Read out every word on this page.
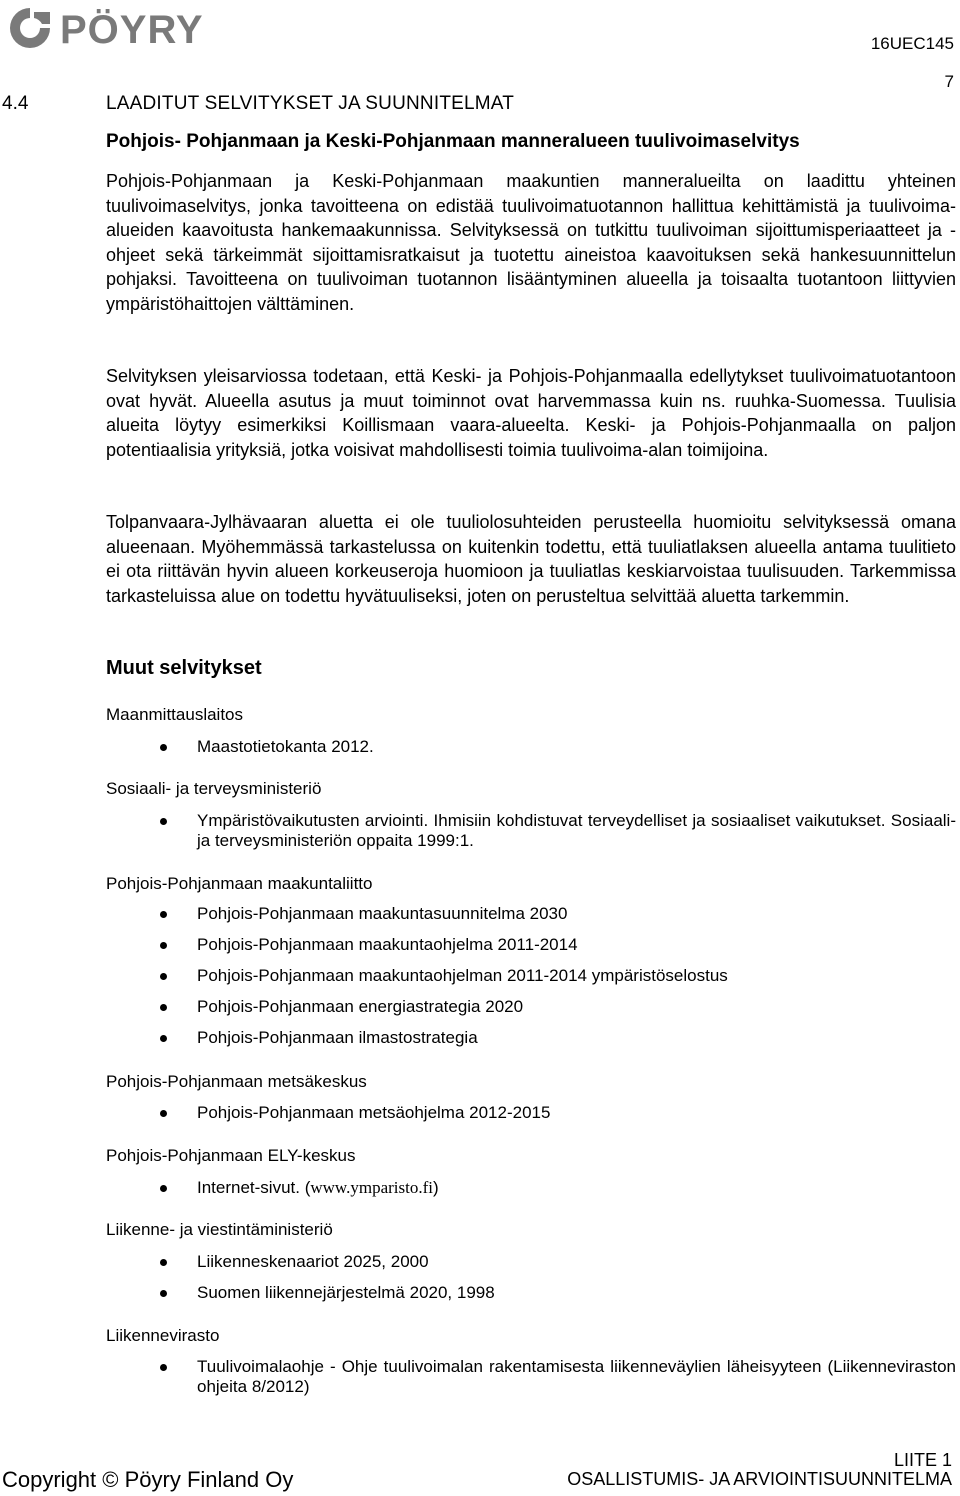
PÖYRY	16UEC145
7
4.4	LAADITUT SELVITYKSET JA SUUNNITELMAT
Pohjois- Pohjanmaan ja Keski-Pohjanmaan manneralueen tuulivoimaselvitys

Pohjois-Pohjanmaan ja Keski-Pohjanmaan maakuntien manneralueilta on laadittu yhteinen tuulivoimaselvitys, jonka tavoitteena on edistää tuulivoimatuotannon hallittua kehittämistä ja tuulivoima-alueiden kaavoitusta hankemaakunnissa. Selvityksessä on tutkittu tuulivoiman sijoittumisperiaatteet ja -ohjeet sekä tärkeimmät sijoittamisratkaisut ja tuotettu aineistoa kaavoituksen sekä hankesuunnittelun pohjaksi. Tavoitteena on tuulivoiman tuotannon lisääntyminen alueella ja toisaalta tuotantoon liittyvien ympäristöhaittojen välttäminen.

Selvityksen yleisarviossa todetaan, että Keski- ja Pohjois-Pohjanmaalla edellytykset tuulivoimatuotantoon ovat hyvät. Alueella asutus ja muut toiminnot ovat harvemmassa kuin ns. ruuhka-Suomessa. Tuulisia alueita löytyy esimerkiksi Koillismaan vaara-alueelta. Keski- ja Pohjois-Pohjanmaalla on paljon potentiaalisia yrityksiä, jotka voisivat mahdollisesti toimia tuulivoima-alan toimijoina.

Tolpanvaara-Jylhävaaran aluetta ei ole tuuliolosuhteiden perusteella huomioitu selvityksessä omana alueenaan. Myöhemmässä tarkastelussa on kuitenkin todettu, että tuuliatlaksen alueella antama tuulitieto ei ota riittävän hyvin alueen korkeuseroja huomioon ja tuuliatlas keskiarvoistaa tuulisuuden. Tarkemmissa tarkasteluissa alue on todettu hyvätuuliseksi, joten on perusteltua selvittää aluetta tarkemmin.

Muut selvitykset
Maanmittauslaitos
Maastotietokanta 2012.
Sosiaali- ja terveysministeriö
Ympäristövaikutusten arviointi. Ihmisiin kohdistuvat terveydelliset ja sosiaaliset vaikutukset. Sosiaali- ja terveysministeriön oppaita 1999:1.
Pohjois-Pohjanmaan maakuntaliitto
Pohjois-Pohjanmaan maakuntasuunnitelma 2030
Pohjois-Pohjanmaan maakuntaohjelma 2011-2014
Pohjois-Pohjanmaan maakuntaohjelman 2011-2014 ympäristöselostus
Pohjois-Pohjanmaan energiastrategia 2020
Pohjois-Pohjanmaan ilmastostrategia
Pohjois-Pohjanmaan metsäkeskus
Pohjois-Pohjanmaan metsäohjelma 2012-2015
Pohjois-Pohjanmaan ELY-keskus
Internet-sivut. (www.ymparisto.fi)
Liikenne- ja viestintäministeriö
Liikenneskenaariot 2025, 2000
Suomen liikennejärjestelmä 2020, 1998
Liikennevirasto
Tuulivoimalaohje - Ohje tuulivoimalan rakentamisesta liikenneväylien läheisyyteen (Liikenneviraston ohjeita 8/2012)
Copyright © Pöyry Finland Oy
LIITE 1
OSALLISTUMIS- JA ARVIOINTISUUNNITELMA
